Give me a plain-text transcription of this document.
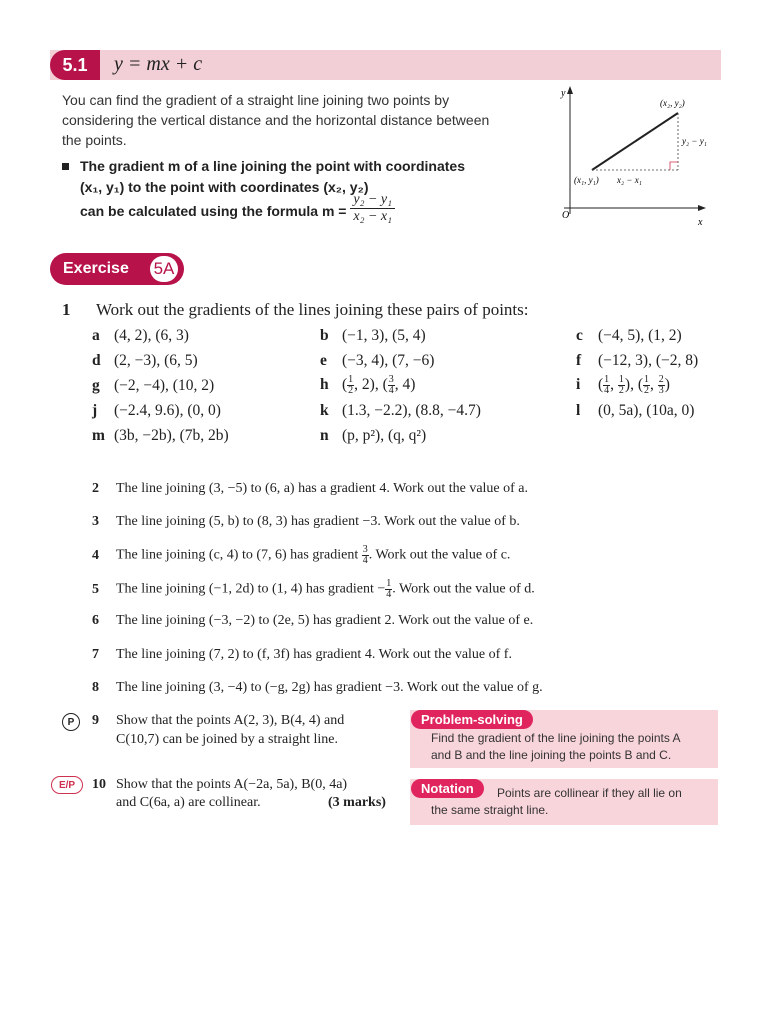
5.1	y = mx + c
You can find the gradient of a straight line joining two points by considering the vertical distance and the horizontal distance between the points.
The gradient m of a line joining the point with coordinates
(x₁, y₁) to the point with coordinates (x₂, y₂)
can be calculated using the formula $m = \frac{\text{y₂ − y₁}}{\text{x₂ − x₁}}$
y
x
O
(x₂, y₂)
(x₁, y₁) x₂ − x₁
y₂ − y₁
Exercise 5A
1 Work out the gradients of the lines joining these pairs of points:
a (4, 2), (6, 3)	b (−1, 3), (5, 4)	c (−4, 5), (1, 2)
d (2, −3), (6, 5)	e (−3, 4), (7, −6)	f (−12, 3), (−2, 8)
g (−2, −4), (10, 2)	h ( $\frac{1}{2}$ , 2), ( $\frac{3}{4}$ , 4)	i ( $\frac{1}{4}$ , $\frac{1}{2}$ ), ( $\frac{1}{2}$ , $\frac{2}{3}$ )
j (−2.4, 9.6), (0, 0)	k (1.3, −2.2), (8.8, −4.7)	l (0, 5a), (10a, 0)
m (3b, −2b), (7b, 2b)	n (p, p²), (q, q²)
2 The line joining (3, −5) to (6, a) has a gradient 4. Work out the value of a.
3 The line joining (5, b) to (8, 3) has gradient −3. Work out the value of b.
4 The line joining (c, 4) to (7, 6) has gradient $\frac{3}{4}$ . Work out the value of c.
5 The line joining (−1, 2d) to (1, 4) has gradient − $\frac{1}{4}$ . Work out the value of d.
6 The line joining (−3, −2) to (2e, 5) has gradient 2. Work out the value of e.
7 The line joining (7, 2) to (f, 3f) has gradient 4. Work out the value of f.
8 The line joining (3, −4) to (−g, 2g) has gradient −3. Work out the value of g.
P	9 Show that the points A(2, 3), B(4, 4) and
C(10,7) can be joined by a straight line.
Problem-solving
Find the gradient of the line joining the points A
and B and the line joining the points B and C.
E/P	10 Show that the points A(−2a, 5a), B(0, 4a)
and C(6a, a) are collinear.	(3 marks)
Notation	Points are collinear if they all lie on
the same straight line.
